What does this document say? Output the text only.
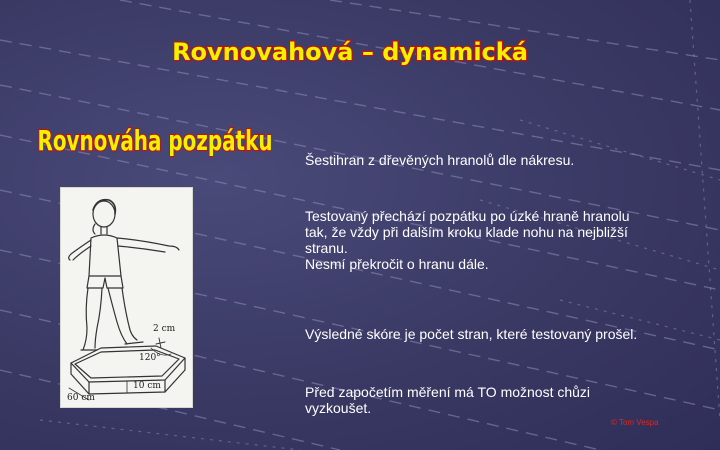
Rovnovahová – dynamická
Rovnováha pozpátku
2 cm
120°
10 cm
60 cm
Šestihran z dřevěných hranolů dle nákresu.
Testovaný přechází pozpátku po úzké hraně hranolu tak, že vždy při dalším kroku klade nohu na nejbližší stranu.
Nesmí překročit o hranu dále.
Výsledné skóre je počet stran, které testovaný prošel.
Před započetím měření má TO možnost chůzi vyzkoušet.
© Tom Vespa
